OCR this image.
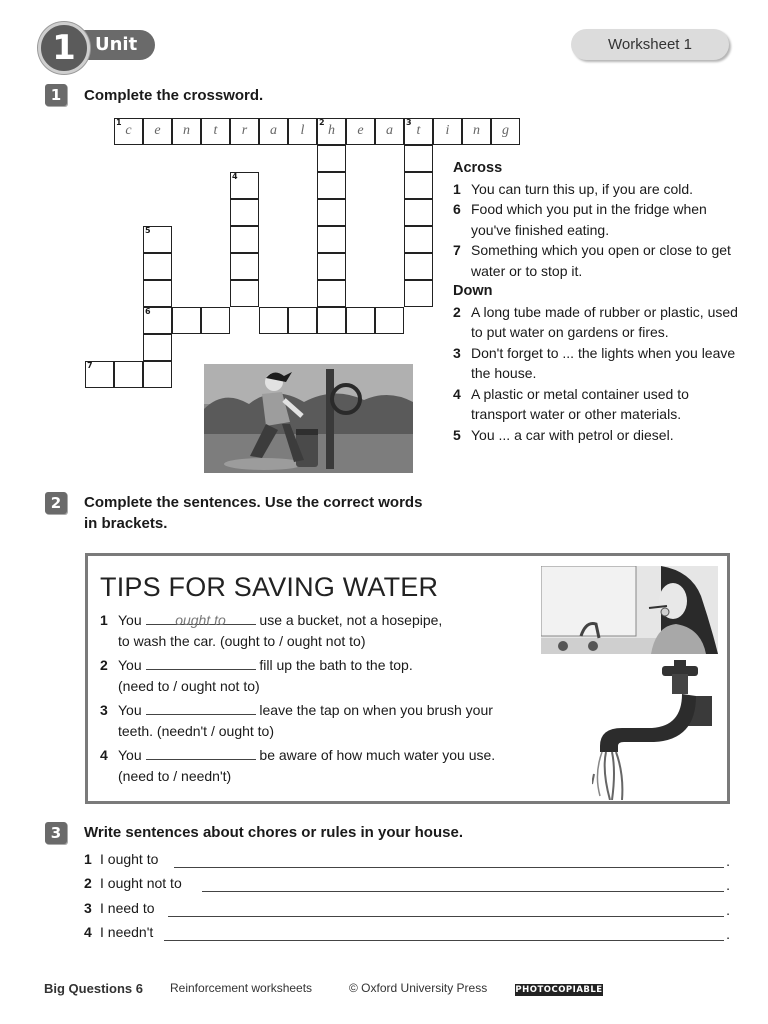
Unit
1	Worksheet 1
1	Complete the crossword.
1
c	e	n	t	r	a	l
2
h	e	a
3
t	i	n	g
4
5
6
7
Across
1 You can turn this up, if you are cold.
6 Food which you put in the fridge when you've finished eating.
7 Something which you open or close to get water or to stop it.
Down
2 A long tube made of rubber or plastic, used to put water on gardens or fires.
3 Don't forget to ... the lights when you leave the house.
4 A plastic or metal container used to transport water or other materials.
5 You ... a car with petrol or diesel.
2	Complete the sentences. Use the correct words
in brackets.
TIPS FOR SAVING WATER
1 You ought to use a bucket, not a hosepipe,
to wash the car. (ought to / ought not to)
2 You	fill up the bath to the top.
(need to / ought not to)
3 You	leave the tap on when you brush your
teeth. (needn't / ought to)
4 You	be aware of how much water you use.
(need to / needn't)
3	Write sentences about chores or rules in your house.
1 I ought to	.
2 I ought not to	.
3 I need to	.
4 I needn't	.
Big Questions 6 Reinforcement worksheets	© Oxford University Press	PHOTOCOPIABLE
